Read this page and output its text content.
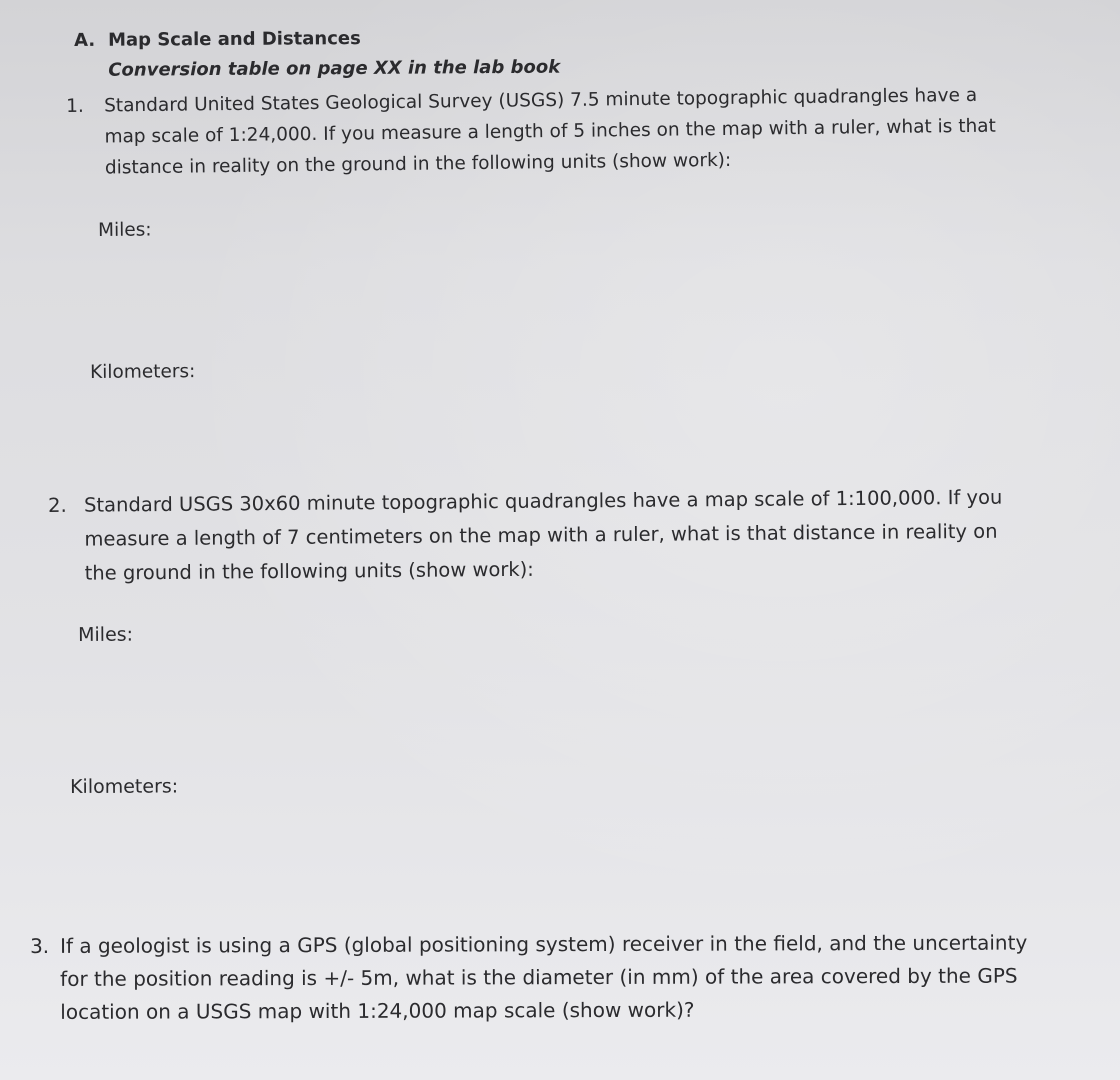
A. Map Scale and Distances
Conversion table on page XX in the lab book
1. Standard United States Geological Survey (USGS) 7.5 minute topographic quadrangles have a
map scale of 1:24,000. If you measure a length of 5 inches on the map with a ruler, what is that
distance in reality on the ground in the following units (show work):
Miles:
Kilometers:
2. Standard USGS 30x60 minute topographic quadrangles have a map scale of 1:100,000. If you
measure a length of 7 centimeters on the map with a ruler, what is that distance in reality on
the ground in the following units (show work):
Miles:
Kilometers:
3. If a geologist is using a GPS (global positioning system) receiver in the field, and the uncertainty
for the position reading is +/- 5m, what is the diameter (in mm) of the area covered by the GPS
location on a USGS map with 1:24,000 map scale (show work)?
